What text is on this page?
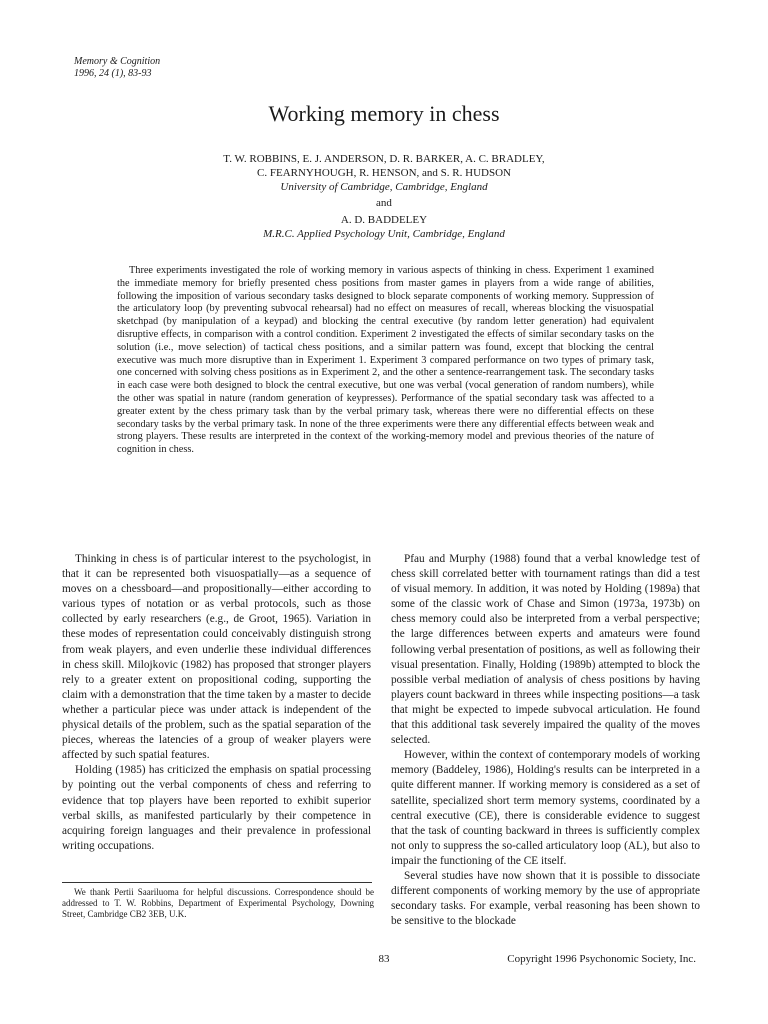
Memory & Cognition
1996, 24 (1), 83-93
Working memory in chess
T. W. ROBBINS, E. J. ANDERSON, D. R. BARKER, A. C. BRADLEY,
C. FEARNYHOUGH, R. HENSON, and S. R. HUDSON
University of Cambridge, Cambridge, England
and
A. D. BADDELEY
M.R.C. Applied Psychology Unit, Cambridge, England

Three experiments investigated the role of working memory in various aspects of thinking in chess. Experiment 1 examined the immediate memory for briefly presented chess positions from master games in players from a wide range of abilities, following the imposition of various secondary tasks designed to block separate components of working memory. Suppression of the articulatory loop (by preventing subvocal rehearsal) had no effect on measures of recall, whereas blocking the visuospatial sketchpad (by manipulation of a keypad) and blocking the central executive (by random letter generation) had equivalent disruptive effects, in comparison with a control condition. Experiment 2 investigated the effects of similar secondary tasks on the solution (i.e., move selection) of tactical chess positions, and a similar pattern was found, except that blocking the central executive was much more disruptive than in Experiment 1. Experiment 3 compared performance on two types of primary task, one concerned with solving chess positions as in Experiment 2, and the other a sentence-rearrangement task. The secondary tasks in each case were both designed to block the central executive, but one was verbal (vocal generation of random numbers), while the other was spatial in nature (random generation of keypresses). Performance of the spatial secondary task was affected to a greater extent by the chess primary task than by the verbal primary task, whereas there were no differential effects on these secondary tasks by the verbal primary task. In none of the three experiments were there any differential effects between weak and strong players. These results are interpreted in the context of the working-memory model and previous theories of the nature of cognition in chess.

Thinking in chess is of particular interest to the psychologist, in that it can be represented both visuospatially—as a sequence of moves on a chessboard—and propositionally—either according to various types of notation or as verbal protocols, such as those collected by early researchers (e.g., de Groot, 1965). Variation in these modes of representation could conceivably distinguish strong from weak players, and even underlie these individual differences in chess skill. Milojkovic (1982) has proposed that stronger players rely to a greater extent on propositional coding, supporting the claim with a demonstration that the time taken by a master to decide whether a particular piece was under attack is independent of the physical details of the problem, such as the spatial separation of the pieces, whereas the latencies of a group of weaker players were affected by such spatial features.

Holding (1985) has criticized the emphasis on spatial processing by pointing out the verbal components of chess and referring to evidence that top players have been reported to exhibit superior verbal skills, as manifested particularly by their competence in acquiring foreign languages and their prevalence in professional writing occupations.

Pfau and Murphy (1988) found that a verbal knowledge test of chess skill correlated better with tournament ratings than did a test of visual memory. In addition, it was noted by Holding (1989a) that some of the classic work of Chase and Simon (1973a, 1973b) on chess memory could also be interpreted from a verbal perspective; the large differences between experts and amateurs were found following verbal presentation of positions, as well as following their visual presentation. Finally, Holding (1989b) attempted to block the possible verbal mediation of analysis of chess positions by having players count backward in threes while inspecting positions—a task that might be expected to impede subvocal articulation. He found that this additional task severely impaired the quality of the moves selected.

However, within the context of contemporary models of working memory (Baddeley, 1986), Holding's results can be interpreted in a quite different manner. If working memory is considered as a set of satellite, specialized short term memory systems, coordinated by a central executive (CE), there is considerable evidence to suggest that the task of counting backward in threes is sufficiently complex not only to suppress the so-called articulatory loop (AL), but also to impair the functioning of the CE itself.

Several studies have now shown that it is possible to dissociate different components of working memory by the use of appropriate secondary tasks. For example, verbal reasoning has been shown to be sensitive to the blockade

We thank Pertii Saariluoma for helpful discussions. Correspondence should be addressed to T. W. Robbins, Department of Experimental Psychology, Downing Street, Cambridge CB2 3EB, U.K.

83	Copyright 1996 Psychonomic Society, Inc.
